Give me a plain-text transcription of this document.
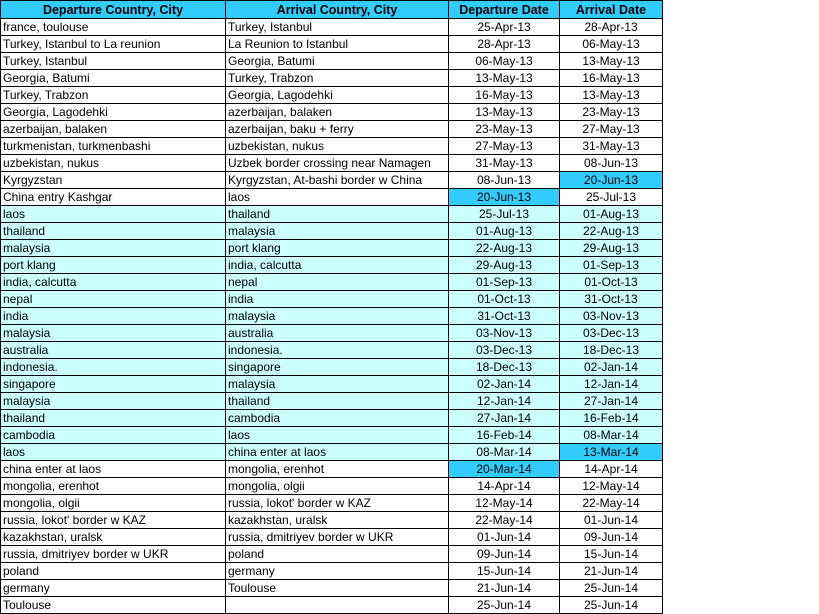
Departure Country, City	Arrival Country, City	Departure Date	Arrival Date
france, toulouse	Turkey, Istanbul	25-Apr-13	28-Apr-13
Turkey, Istanbul to La reunion	La Reunion to Istanbul	28-Apr-13	06-May-13
Turkey, Istanbul	Georgia, Batumi	06-May-13	13-May-13
Georgia, Batumi	Turkey, Trabzon	13-May-13	16-May-13
Turkey, Trabzon	Georgia, Lagodehki	16-May-13	13-May-13
Georgia, Lagodehki	azerbaijan, balaken	13-May-13	23-May-13
azerbaijan, balaken	azerbaijan, baku + ferry	23-May-13	27-May-13
turkmenistan, turkmenbashi	uzbekistan, nukus	27-May-13	31-May-13
uzbekistan, nukus	Uzbek border crossing near Namagen	31-May-13	08-Jun-13
Kyrgyzstan	Kyrgyzstan, At-bashi border w China	08-Jun-13	20-Jun-13
China entry Kashgar	laos	20-Jun-13	25-Jul-13
laos	thailand	25-Jul-13	01-Aug-13
thailand	malaysia	01-Aug-13	22-Aug-13
malaysia	port klang	22-Aug-13	29-Aug-13
port klang	india, calcutta	29-Aug-13	01-Sep-13
india, calcutta	nepal	01-Sep-13	01-Oct-13
nepal	india	01-Oct-13	31-Oct-13
india	malaysia	31-Oct-13	03-Nov-13
malaysia	australia	03-Nov-13	03-Dec-13
australia	indonesia.	03-Dec-13	18-Dec-13
indonesia.	singapore	18-Dec-13	02-Jan-14
singapore	malaysia	02-Jan-14	12-Jan-14
malaysia	thailand	12-Jan-14	27-Jan-14
thailand	cambodia	27-Jan-14	16-Feb-14
cambodia	laos	16-Feb-14	08-Mar-14
laos	china enter at laos	08-Mar-14	13-Mar-14
china enter at laos	mongolia, erenhot	20-Mar-14	14-Apr-14
mongolia, erenhot	mongolia, olgii	14-Apr-14	12-May-14
mongolia, olgii	russia, lokot' border w KAZ	12-May-14	22-May-14
russia, lokot' border w KAZ	kazakhstan, uralsk	22-May-14	01-Jun-14
kazakhstan, uralsk	russia, dmitriyev border w UKR	01-Jun-14	09-Jun-14
russia, dmitriyev border w UKR	poland	09-Jun-14	15-Jun-14
poland	germany	15-Jun-14	21-Jun-14
germany	Toulouse	21-Jun-14	25-Jun-14
Toulouse		25-Jun-14	25-Jun-14
